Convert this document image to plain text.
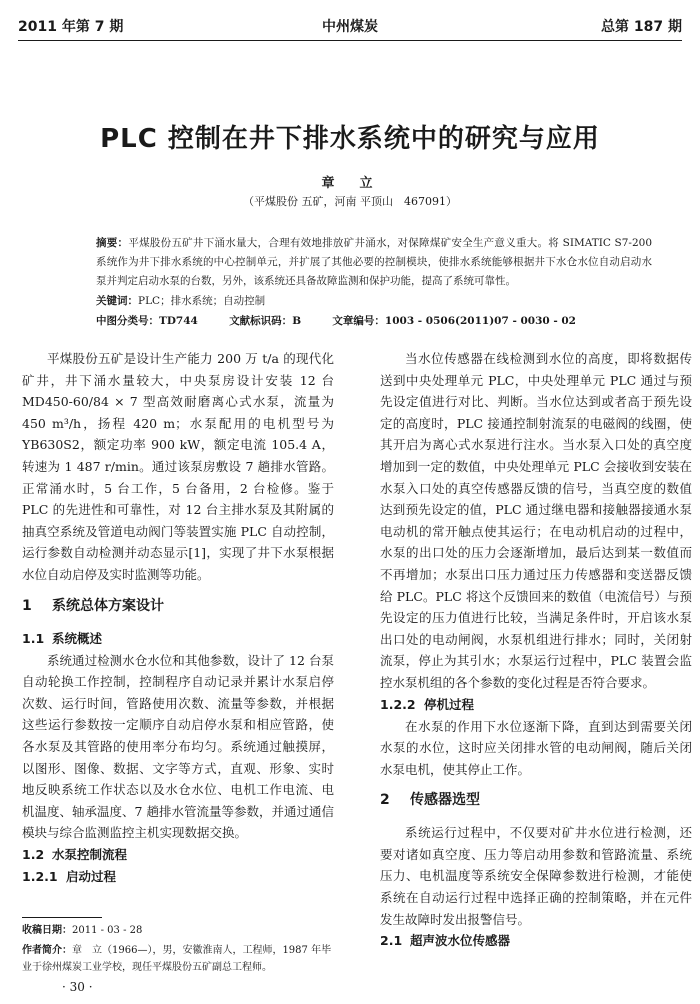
2011 年第 7 期	中州煤炭	总第 187 期
PLC 控制在井下排水系统中的研究与应用
章　立
（平煤股份 五矿，河南 平顶山　467091）
摘要：平煤股份五矿井下涌水量大，合理有效地排放矿井涌水，对保障煤矿安全生产意义重大。将 SIMATIC S7-200 系统作为井下排水系统的中心控制单元，并扩展了其他必要的控制模块，使排水系统能够根据井下水仓水位自动启动水泵并判定启动水泵的台数，另外，该系统还具备故障监测和保护功能，提高了系统可靠性。
关键词：PLC；排水系统；自动控制
中图分类号：TD744	文献标识码：B	文章编号：1003 - 0506(2011)07 - 0030 - 02

平煤股份五矿是设计生产能力 200 万 t/a 的现代化矿井，井下涌水量较大，中央泵房设计安装 12 台 MD450-60/84 × 7 型高效耐磨离心式水泵，流量为 450 m³/h，扬程 420 m；水泵配用的电机型号为 YB630S2，额定功率 900 kW，额定电流 105.4 A，转速为 1 487 r/min。通过该泵房敷设 7 趟排水管路。正常涌水时，5 台工作，5 台备用，2 台检修。鉴于 PLC 的先进性和可靠性，对 12 台主排水泵及其附属的抽真空系统及管道电动阀门等装置实施 PLC 自动控制，运行参数自动检测并动态显示[1]，实现了井下水泵根据水位自动启停及实时监测等功能。

1 系统总体方案设计
1.1 系统概述

系统通过检测水仓水位和其他参数，设计了 12 台泵自动轮换工作控制，控制程序自动记录并累计水泵启停次数、运行时间，管路使用次数、流量等参数，并根据这些运行参数按一定顺序自动启停水泵和相应管路，使各水泵及其管路的使用率分布均匀。系统通过触摸屏，以图形、图像、数据、文字等方式，直观、形象、实时地反映系统工作状态以及水仓水位、电机工作电流、电机温度、轴承温度、7 趟排水管流量等参数，并通过通信模块与综合监测监控主机实现数据交换。

1.2 水泵控制流程
1.2.1 启动过程

当水位传感器在线检测到水位的高度，即将数据传送到中央处理单元 PLC，中央处理单元 PLC 通过与预先设定值进行对比、判断。当水位达到或者高于预先设定的高度时，PLC 接通控制射流泵的电磁阀的线圈，使其开启为离心式水泵进行注水。当水泵入口处的真空度增加到一定的数值，中央处理单元 PLC 会接收到安装在水泵入口处的真空传感器反馈的信号，当真空度的数值达到预先设定的值，PLC 通过继电器和接触器接通水泵电动机的常开触点使其运行；在电动机启动的过程中，水泵的出口处的压力会逐渐增加，最后达到某一数值而不再增加；水泵出口压力通过压力传感器和变送器反馈给 PLC。PLC 将这个反馈回来的数值（电流信号）与预先设定的压力值进行比较，当满足条件时，开启该水泵出口处的电动闸阀，水泵机组进行排水；同时，关闭射流泵，停止为其引水；水泵运行过程中，PLC 装置会监控水泵机组的各个参数的变化过程是否符合要求。

1.2.2 停机过程

在水泵的作用下水位逐渐下降，直到达到需要关闭水泵的水位，这时应关闭排水管的电动闸阀，随后关闭水泵电机，使其停止工作。

2 传感器选型

系统运行过程中，不仅要对矿井水位进行检测，还要对诸如真空度、压力等启动用参数和管路流量、系统压力、电机温度等系统安全保障参数进行检测，才能使系统在自动运行过程中选择正确的控制策略，并在元件发生故障时发出报警信号。

2.1 超声波水位传感器
收稿日期：2011 - 03 - 28
作者简介：章　立（1966—），男，安徽淮南人，工程师，1987 年毕业于徐州煤炭工业学校，现任平煤股份五矿副总工程师。
· 30 ·
